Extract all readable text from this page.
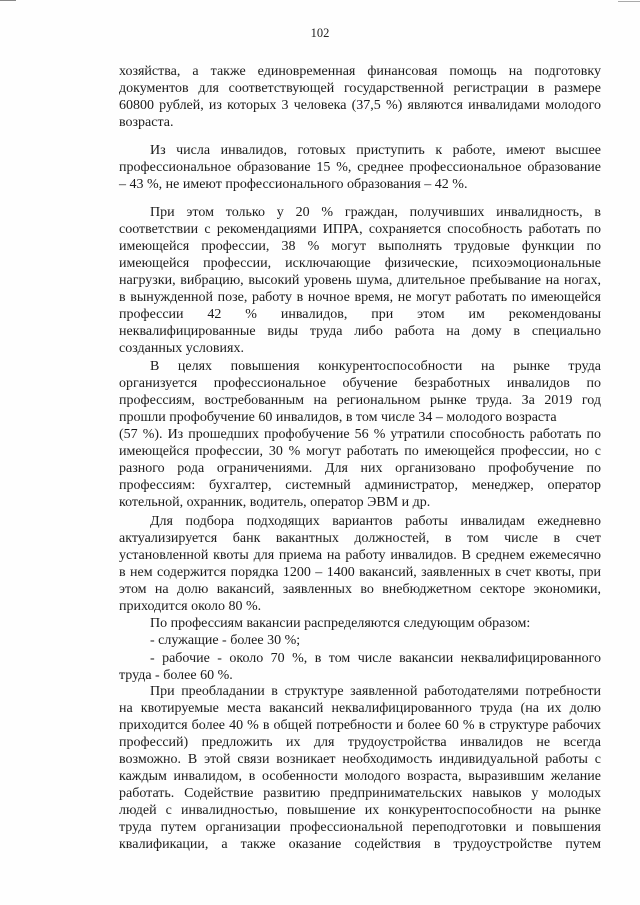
102
хозяйства, а также единовременная финансовая помощь на подготовку
документов для соответствующей государственной регистрации в размере
60800 рублей, из которых 3 человека (37,5 %) являются инвалидами молодого
возраста.
Из числа инвалидов, готовых приступить к работе, имеют высшее
профессиональное образование 15 %, среднее профессиональное образование
– 43 %, не имеют профессионального образования – 42 %.
При этом только у 20 % граждан, получивших инвалидность, в
соответствии с рекомендациями ИПРА, сохраняется способность работать по
имеющейся профессии, 38 % могут выполнять трудовые функции по
имеющейся профессии, исключающие физические, психоэмоциональные
нагрузки, вибрацию, высокий уровень шума, длительное пребывание на ногах,
в вынужденной позе, работу в ночное время, не могут работать по имеющейся
профессии 42 % инвалидов, при этом им рекомендованы
неквалифицированные виды труда либо работа на дому в специально
созданных условиях.
В целях повышения конкурентоспособности на рынке труда
организуется профессиональное обучение безработных инвалидов по
профессиям, востребованным на региональном рынке труда. За 2019 год
прошли профобучение 60 инвалидов, в том числе 34 – молодого возраста
(57 %). Из прошедших профобучение 56 % утратили способность работать по
имеющейся профессии, 30 % могут работать по имеющейся профессии, но с
разного рода ограничениями. Для них организовано профобучение по
профессиям: бухгалтер, системный администратор, менеджер, оператор
котельной, охранник, водитель, оператор ЭВМ и др.
Для подбора подходящих вариантов работы инвалидам ежедневно
актуализируется банк вакантных должностей, в том числе в счет
установленной квоты для приема на работу инвалидов. В среднем ежемесячно
в нем содержится порядка 1200 – 1400 вакансий, заявленных в счет квоты, при
этом на долю вакансий, заявленных во внебюджетном секторе экономики,
приходится около 80 %.
По профессиям вакансии распределяются следующим образом:
- служащие - более 30 %;
- рабочие - около 70 %, в том числе вакансии неквалифицированного
труда - более 60 %.
При преобладании в структуре заявленной работодателями потребности
на квотируемые места вакансий неквалифицированного труда (на их долю
приходится более 40 % в общей потребности и более 60 % в структуре рабочих
профессий) предложить их для трудоустройства инвалидов не всегда
возможно. В этой связи возникает необходимость индивидуальной работы с
каждым инвалидом, в особенности молодого возраста, выразившим желание
работать. Содействие развитию предпринимательских навыков у молодых
людей с инвалидностью, повышение их конкурентоспособности на рынке
труда путем организации профессиональной переподготовки и повышения
квалификации, а также оказание содействия в трудоустройстве путем
